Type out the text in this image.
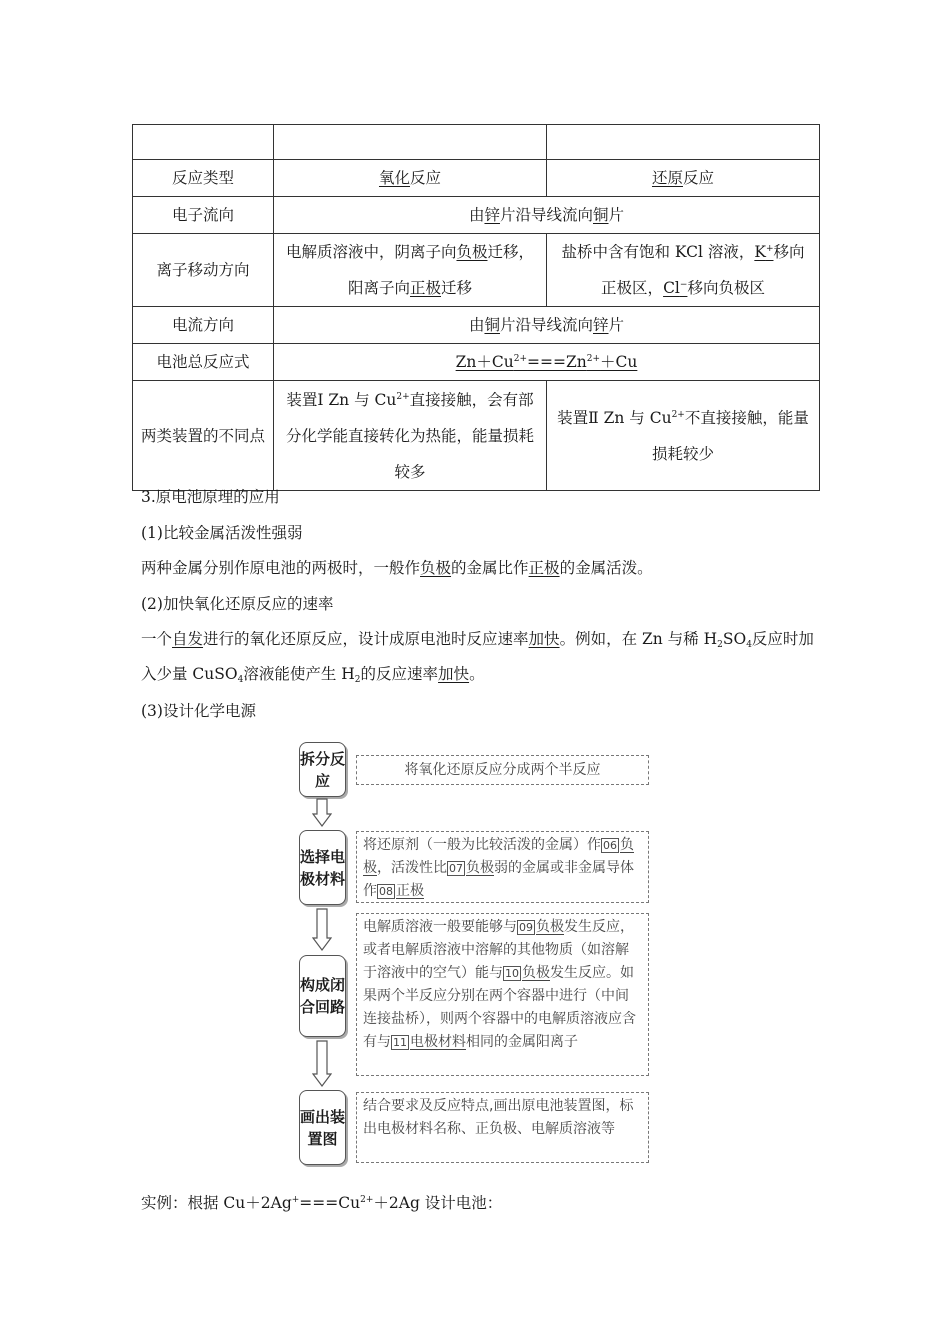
反应类型	氧化反应	还原反应
电子流向	由锌片沿导线流向铜片	
离子移动方向	电解质溶液中，阴离子向负极迁移，阳离子向正极迁移	盐桥中含有饱和 KCl 溶液，K+移向正极区，Cl−移向负极区
电流方向	由铜片沿导线流向锌片	
电池总反应式	$Zn+Cu^{2+}===Zn^{2+}+Cu$	
两类装置的不同点	装置Ⅰ Zn 与 $Cu^{2+}$直接接触，会有部分化学能直接转化为热能，能量损耗较多	装置Ⅱ Zn 与 $Cu^{2+}$不直接接触，能量损耗较少
3.原电池原理的应用
(1)比较金属活泼性强弱
两种金属分别作原电池的两极时，一般作负极的金属比作正极的金属活泼。
(2)加快氧化还原反应的速率
一个自发进行的氧化还原反应，设计成原电池时反应速率加快。例如，在 Zn 与稀 $H_2SO_4$反应时加入少量 CuSO$_4$溶液能使产生 $H_2$的反应速率加快。
(3)设计化学电源
拆分反应
将氧化还原反应分成两个半反应
选择电极材料
将还原剂（一般为比较活泼的金属）作 06 负极，活泼性比 07 负极弱的金属或非金属导体作 08 正极
构成闭合回路
电解质溶液一般要能够与 09 负极发生反应，或者电解质溶液中溶解的其他物质（如溶解于溶液中的空气）能与 10 负极发生反应。如果两个半反应分别在两个容器中进行（中间连接盐桥），则两个容器中的电解质溶液应含有与 11 电极材料相同的金属阳离子
画出装置图
结合要求及反应特点,画出原电池装置图，标出电极材料名称、正负极、电解质溶液等
实例：根据 $Cu+2Ag^+===Cu^{2+}+2Ag$ 设计电池：
